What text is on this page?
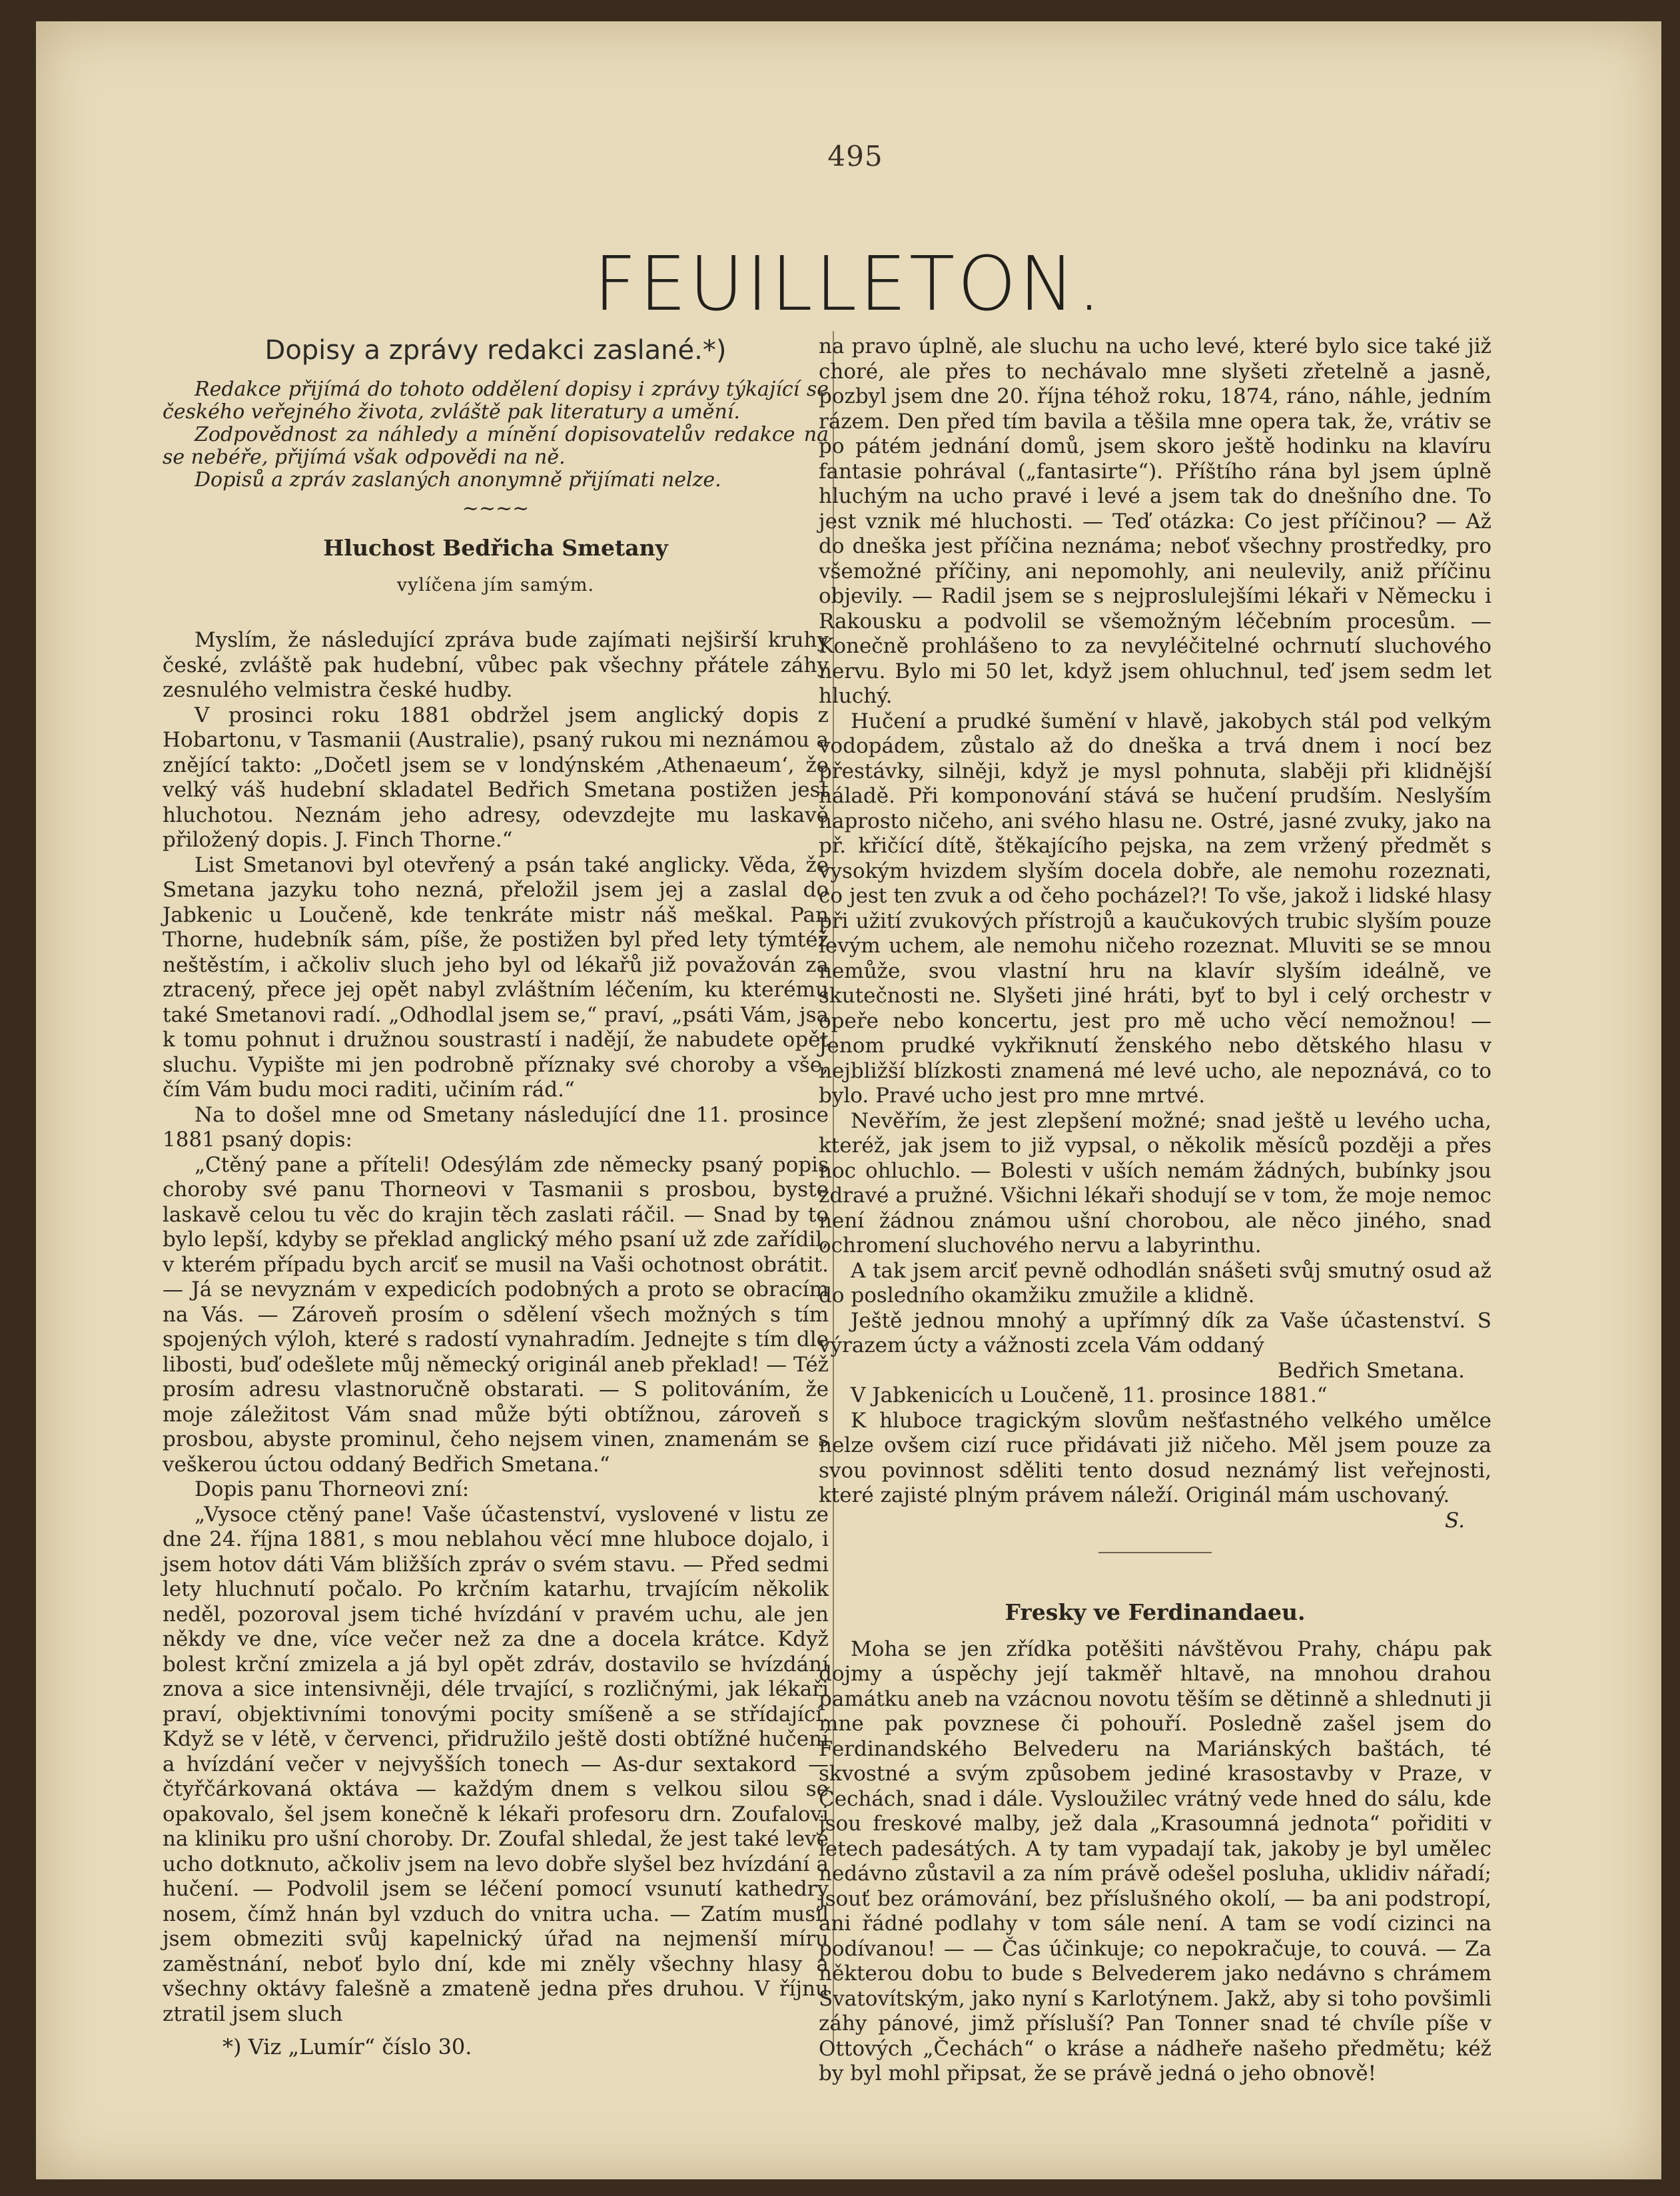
495
FEUILLETON.
Dopisy a zprávy redakci zaslané.*)

Redakce přijímá do tohoto oddělení dopisy i zprávy týkající se českého veřejného života, zvláště pak literatury a umění.

Zodpovědnost za náhledy a mínění dopisovatelův redakce na se nebéře, přijímá však odpovědi na ně.

Dopisů a zpráv zaslaných anonymně přijímati nelze.

~~~~
Hluchost Bedřicha Smetany
vylíčena jím samým.

Myslím, že následující zpráva bude zajímati nejširší kruhy české, zvláště pak hudební, vůbec pak všechny přátele záhy zesnulého velmistra české hudby.

V prosinci roku 1881 obdržel jsem anglický dopis z Hobartonu, v Tasmanii (Australie), psaný rukou mi neznámou a znějící takto: „Dočetl jsem se v londýnském ‚Athenaeum‘, že velký váš hudební skladatel Bedřich Smetana postižen jest hluchotou. Neznám jeho adresy, odevzdejte mu laskavě přiložený dopis. J. Finch Thorne.“

List Smetanovi byl otevřený a psán také anglicky. Věda, že Smetana jazyku toho nezná, přeložil jsem jej a zaslal do Jabkenic u Loučeně, kde tenkráte mistr náš meškal. Pan Thorne, hudebník sám, píše, že postižen byl před lety týmtéž neštěstím, i ačkoliv sluch jeho byl od lékařů již považován za ztracený, přece jej opět nabyl zvláštním léčením, ku kterému také Smetanovi radí. „Odhodlal jsem se,“ praví, „psáti Vám, jsa k tomu pohnut i družnou soustrastí i nadějí, že nabudete opět sluchu. Vypište mi jen podrobně příznaky své choroby a vše, čím Vám budu moci raditi, učiním rád.“

Na to došel mne od Smetany následující dne 11. prosince 1881 psaný dopis:

„Ctěný pane a příteli! Odesýlám zde německy psaný popis choroby své panu Thorneovi v Tasmanii s prosbou, byste laskavě celou tu věc do krajin těch zaslati ráčil. — Snad by to bylo lepší, kdyby se překlad anglický mého psaní už zde zařídil, v kterém případu bych arciť se musil na Vaši ochotnost obrátit. — Já se nevyznám v expedicích podobných a proto se obracím na Vás. — Zároveň prosím o sdělení všech možných s tím spojených výloh, které s radostí vynahradím. Jednejte s tím dle libosti, buď odešlete můj německý originál aneb překlad! — Též prosím adresu vlastnoručně obstarati. — S politováním, že moje záležitost Vám snad může býti obtížnou, zároveň s prosbou, abyste prominul, čeho nejsem vinen, znamenám se s veškerou úctou oddaný Bedřich Smetana.“

Dopis panu Thorneovi zní:

„Vysoce ctěný pane! Vaše účastenství, vyslovené v listu ze dne 24. října 1881, s mou neblahou věcí mne hluboce dojalo, i jsem hotov dáti Vám bližších zpráv o svém stavu. — Před sedmi lety hluchnutí počalo. Po krčním katarhu, trvajícím několik neděl, pozoroval jsem tiché hvízdání v pravém uchu, ale jen někdy ve dne, více večer než za dne a docela krátce. Když bolest krční zmizela a já byl opět zdráv, dostavilo se hvízdání znova a sice intensivněji, déle trvající, s rozličnými, jak lékaři praví, objektivními tonovými pocity smíšeně a se střídající. Když se v létě, v červenci, přidružilo ještě dosti obtížné hučení a hvízdání večer v nejvyšších tonech — As-dur sextakord — čtyřčárkovaná oktáva — každým dnem s velkou silou se opakovalo, šel jsem konečně k lékaři profesoru drn. Zoufalovi na kliniku pro ušní choroby. Dr. Zoufal shledal, že jest také levé ucho dotknuto, ačkoliv jsem na levo dobře slyšel bez hvízdání a hučení. — Podvolil jsem se léčení pomocí vsunutí kathedry nosem, čímž hnán byl vzduch do vnitra ucha. — Zatím musil jsem obmeziti svůj kapelnický úřad na nejmenší míru zaměstnání, neboť bylo dní, kde mi zněly všechny hlasy a všechny oktávy falešně a zmateně jedna přes druhou. V říjnu ztratil jsem sluch

na pravo úplně, ale sluchu na ucho levé, které bylo sice také již choré, ale přes to nechávalo mne slyšeti zřetelně a jasně, pozbyl jsem dne 20. října téhož roku, 1874, ráno, náhle, jedním rázem. Den před tím bavila a těšila mne opera tak, že, vrátiv se po pátém jednání domů, jsem skoro ještě hodinku na klavíru fantasie pohrával („fantasirte“). Příštího rána byl jsem úplně hluchým na ucho pravé i levé a jsem tak do dnešního dne. To jest vznik mé hluchosti. — Teď otázka: Co jest příčinou? — Až do dneška jest příčina neznáma; neboť všechny prostředky, pro všemožné příčiny, ani nepomohly, ani neulevily, aniž příčinu objevily. — Radil jsem se s nejproslulejšími lékaři v Německu i Rakousku a podvolil se všemožným léčebním procesům. — Konečně prohlášeno to za nevyléčitelné ochrnutí sluchového nervu. Bylo mi 50 let, když jsem ohluchnul, teď jsem sedm let hluchý.

Hučení a prudké šumění v hlavě, jakobych stál pod velkým vodopádem, zůstalo až do dneška a trvá dnem i nocí bez přestávky, silněji, když je mysl pohnuta, slaběji při klidnější náladě. Při komponování stává se hučení prudším. Neslyším naprosto ničeho, ani svého hlasu ne. Ostré, jasné zvuky, jako na př. křičící dítě, štěkajícího pejska, na zem vržený předmět s vysokým hvizdem slyším docela dobře, ale nemohu rozeznati, co jest ten zvuk a od čeho pocházel?! To vše, jakož i lidské hlasy při užití zvukových přístrojů a kaučukových trubic slyším pouze levým uchem, ale nemohu ničeho rozeznat. Mluviti se se mnou nemůže, svou vlastní hru na klavír slyším ideálně, ve skutečnosti ne. Slyšeti jiné hráti, byť to byl i celý orchestr v opeře nebo koncertu, jest pro mě ucho věcí nemožnou! — Jenom prudké vykřiknutí ženského nebo dětského hlasu v nejbližší blízkosti znamená mé levé ucho, ale nepoznává, co to bylo. Pravé ucho jest pro mne mrtvé.

Nevěřím, že jest zlepšení možné; snad ještě u levého ucha, kteréž, jak jsem to již vypsal, o několik měsíců později a přes noc ohluchlo. — Bolesti v uších nemám žádných, bubínky jsou zdravé a pružné. Všichni lékaři shodují se v tom, že moje nemoc není žádnou známou ušní chorobou, ale něco jiného, snad ochromení sluchového nervu a labyrinthu.

A tak jsem arciť pevně odhodlán snášeti svůj smutný osud až do posledního okamžiku zmužile a klidně.

Ještě jednou mnohý a upřímný dík za Vaše účastenství. S výrazem úcty a vážnosti zcela Vám oddaný

Bedřich Smetana.

V Jabkenicích u Loučeně, 11. prosince 1881.“

K hluboce tragickým slovům nešťastného velkého umělce nelze ovšem cizí ruce přidávati již ničeho. Měl jsem pouze za svou povinnost sděliti tento dosud neznámý list veřejnosti, které zajisté plným právem náleží. Originál mám uschovaný.

S.

Fresky ve Ferdinandaeu.

Moha se jen zřídka potěšiti návštěvou Prahy, chápu pak dojmy a úspěchy její takměř hltavě, na mnohou drahou památku aneb na vzácnou novotu těším se dětinně a shlednuti ji mne pak povznese či pohouří. Posledně zašel jsem do Ferdinandského Belvederu na Mariánských baštách, té skvostné a svým způsobem jediné krasostavby v Praze, v Čechách, snad i dále. Vysloužilec vrátný vede hned do sálu, kde jsou freskové malby, jež dala „Krasoumná jednota“ pořiditi v letech padesátých. A ty tam vypadají tak, jakoby je byl umělec nedávno zůstavil a za ním právě odešel posluha, uklidiv nářadí; jsouť bez orámování, bez příslušného okolí, — ba ani podstropí, ani řádné podlahy v tom sále není. A tam se vodí cizinci na podívanou! — — Čas účinkuje; co nepokračuje, to couvá. — Za některou dobu to bude s Belvederem jako nedávno s chrámem Svatovítským, jako nyní s Karlotýnem. Jakž, aby si toho povšimli záhy pánové, jimž přísluší? Pan Tonner snad té chvíle píše v Ottových „Čechách“ o kráse a nádheře našeho předmětu; kéž by byl mohl připsat, že se právě jedná o jeho obnově!

*) Viz „Lumír“ číslo 30.
